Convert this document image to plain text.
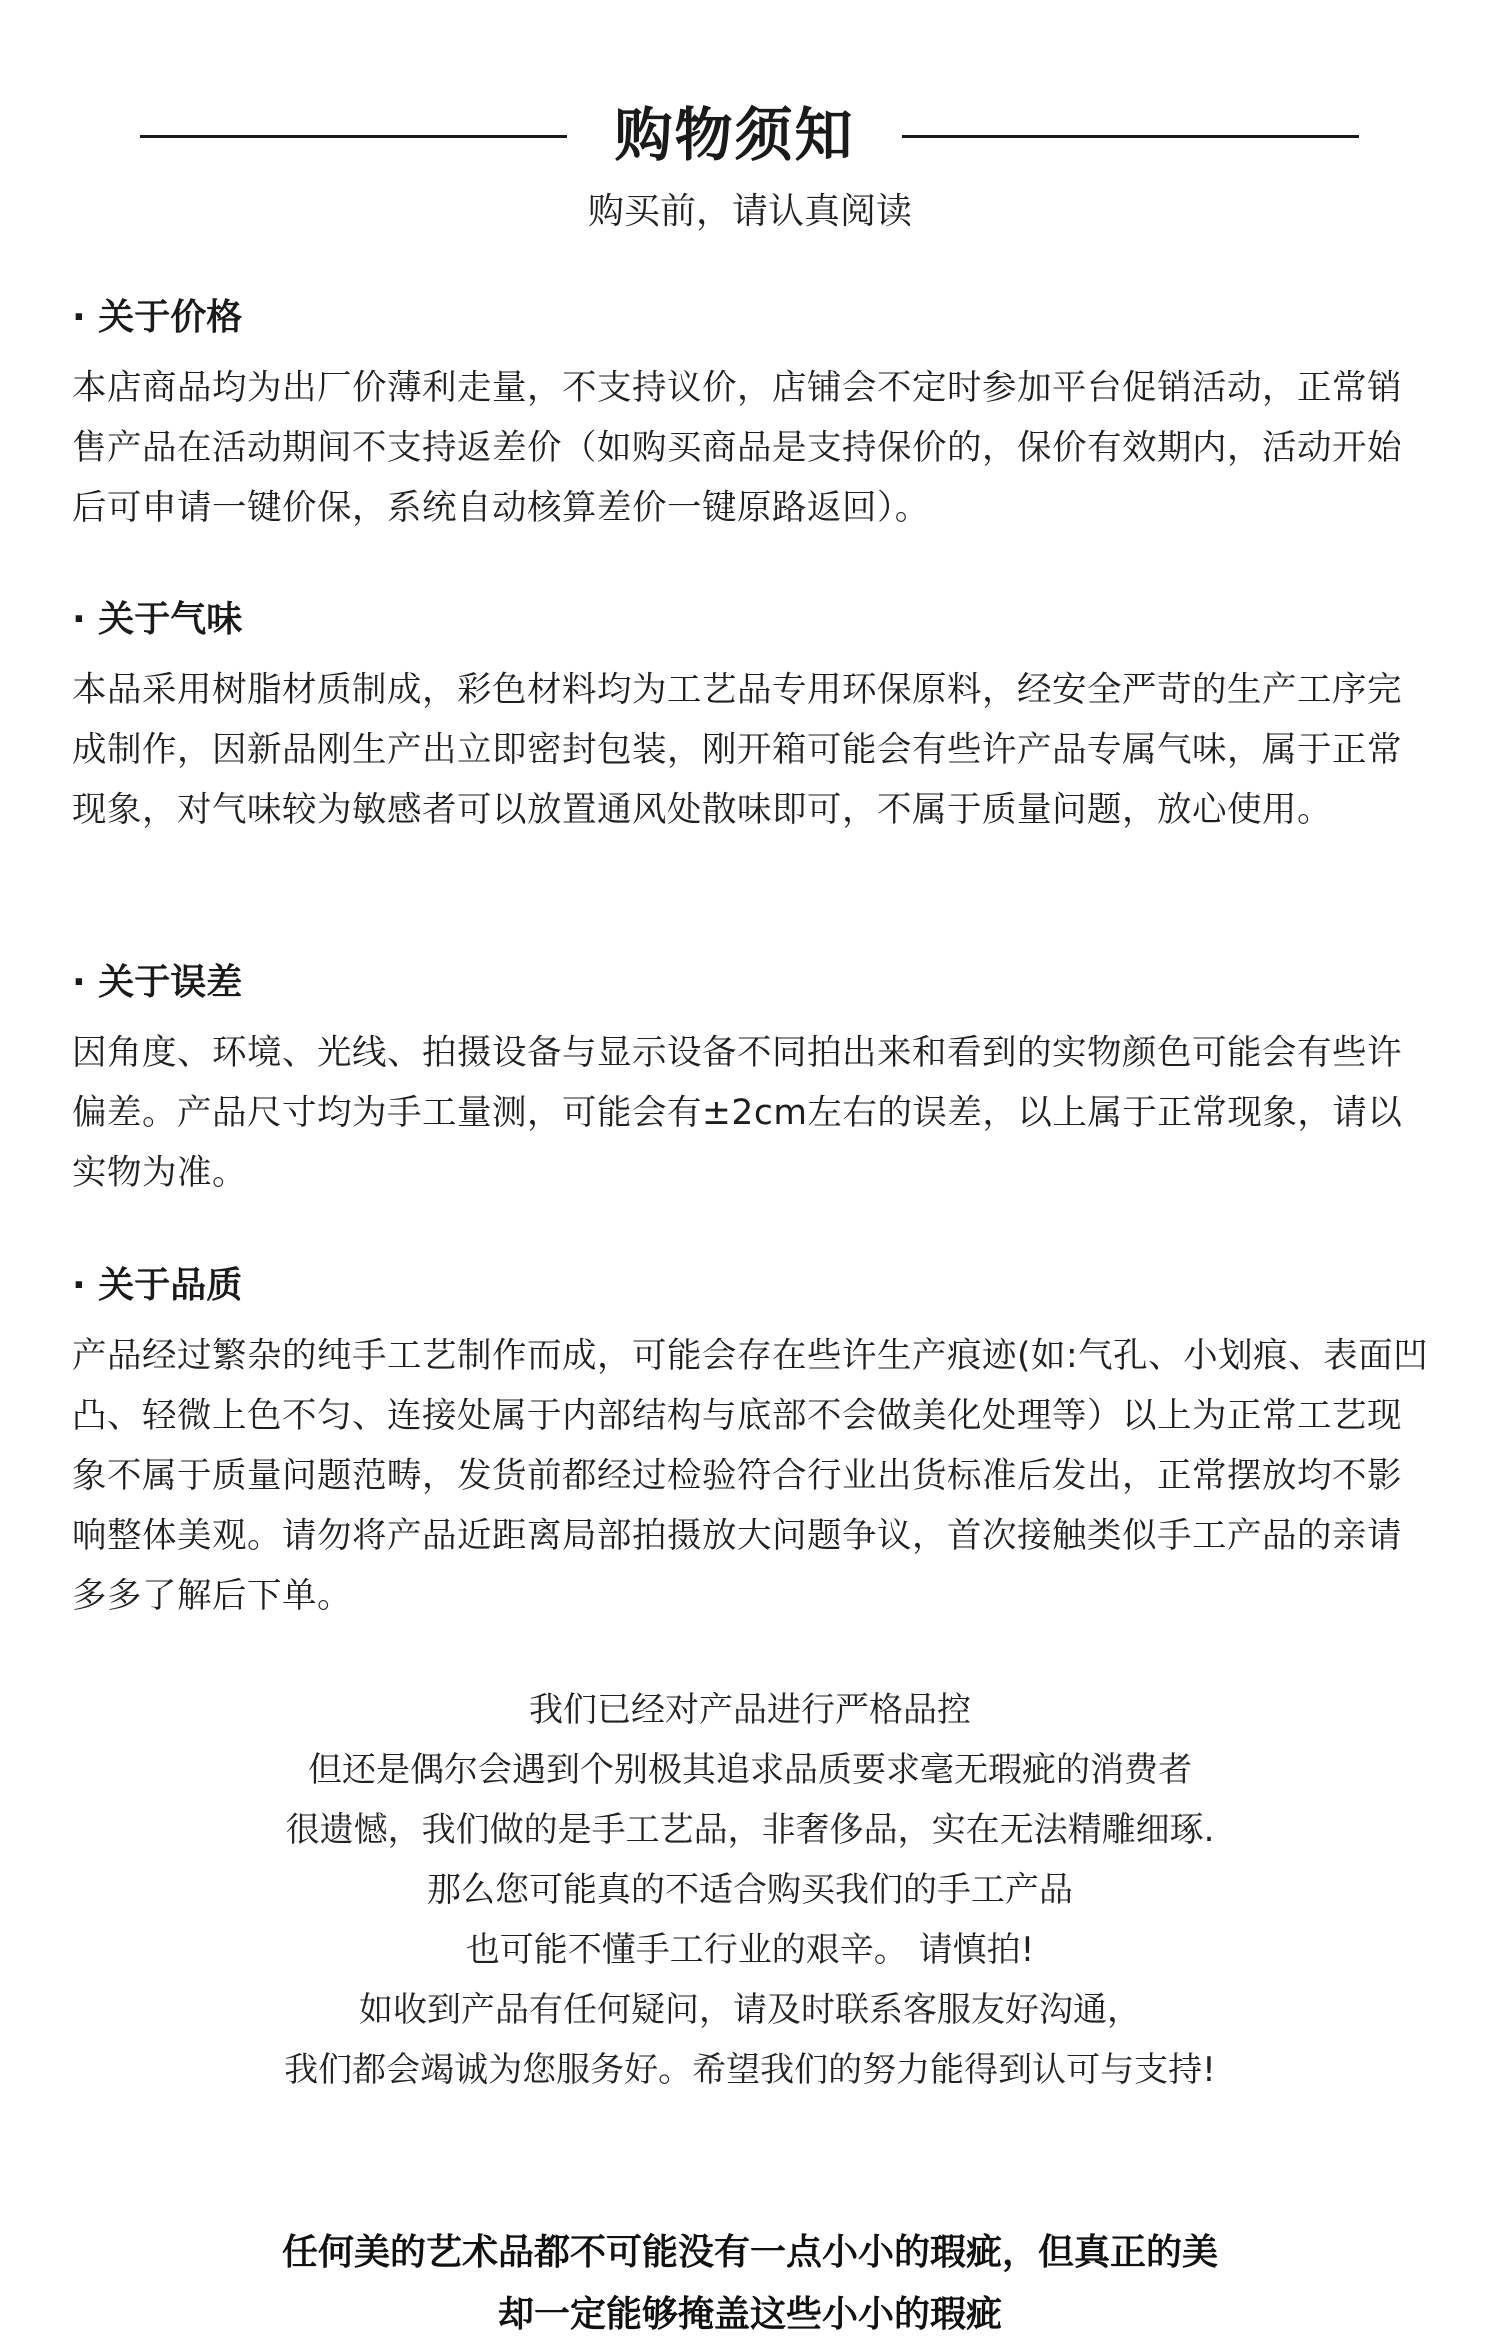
购物须知
购买前，请认真阅读
· 关于价格
本店商品均为出厂价薄利走量，不支持议价，店铺会不定时参加平台促销活动，正常销售产品在活动期间不支持返差价（如购买商品是支持保价的，保价有效期内，活动开始后可申请一键价保，系统自动核算差价一键原路返回）。
· 关于气味
本品采用树脂材质制成，彩色材料均为工艺品专用环保原料，经安全严苛的生产工序完成制作，因新品刚生产出立即密封包装，刚开箱可能会有些许产品专属气味，属于正常现象，对气味较为敏感者可以放置通风处散味即可，不属于质量问题，放心使用。
· 关于误差
因角度、环境、光线、拍摄设备与显示设备不同拍出来和看到的实物颜色可能会有些许偏差。产品尺寸均为手工量测，可能会有±2cm左右的误差，以上属于正常现象，请以实物为准。
· 关于品质
产品经过繁杂的纯手工艺制作而成，可能会存在些许生产痕迹(如:气孔、小划痕、表面凹凸、轻微上色不匀、连接处属于内部结构与底部不会做美化处理等）以上为正常工艺现象不属于质量问题范畴，发货前都经过检验符合行业出货标准后发出，正常摆放均不影响整体美观。请勿将产品近距离局部拍摄放大问题争议，首次接触类似手工产品的亲请多多了解后下单。
我们已经对产品进行严格品控
但还是偶尔会遇到个别极其追求品质要求毫无瑕疵的消费者
很遗憾，我们做的是手工艺品，非奢侈品，实在无法精雕细琢.
那么您可能真的不适合购买我们的手工产品
也可能不懂手工行业的艰辛。 请慎拍!
如收到产品有任何疑问，请及时联系客服友好沟通，
我们都会竭诚为您服务好。希望我们的努力能得到认可与支持!
任何美的艺术品都不可能没有一点小小的瑕疵，但真正的美
却一定能够掩盖这些小小的瑕疵
